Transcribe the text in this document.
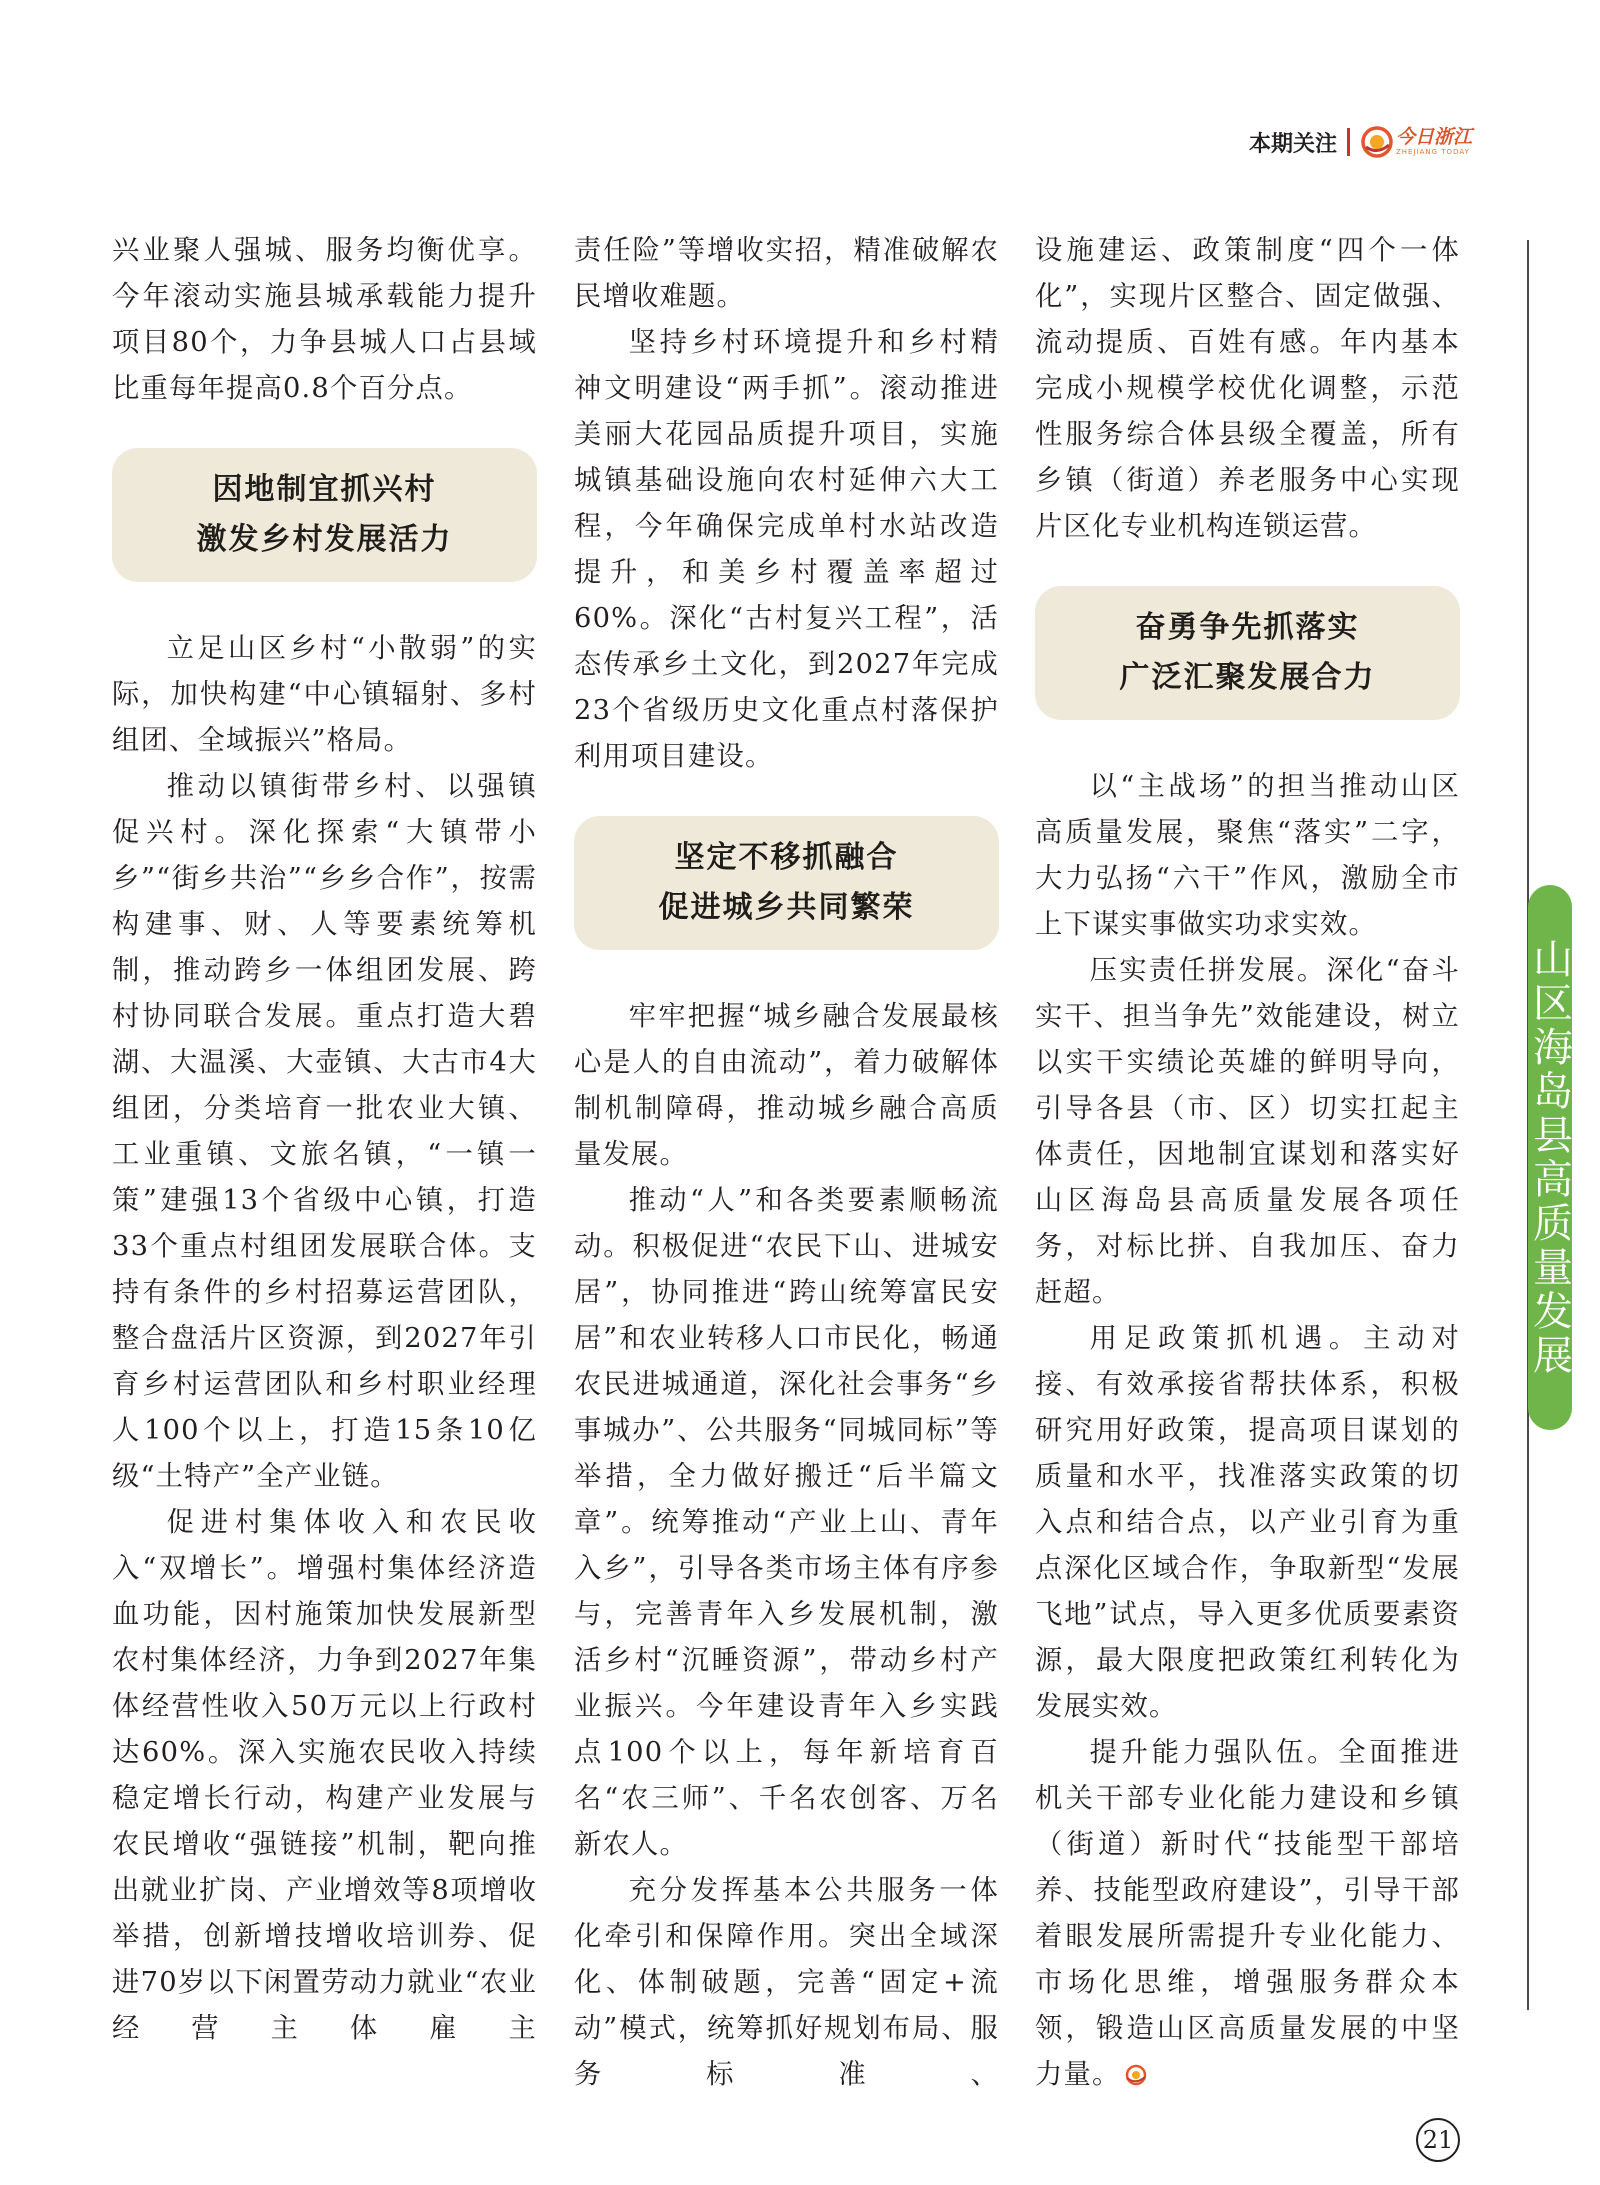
本期关注	今日浙江
ZHEJIANG TODAY

兴业聚人强城、服务均衡优享。今年滚动实施县城承载能力提升项目80个，力争县城人口占县域比重每年提高0.8个百分点。

因地制宜抓兴村
激发乡村发展活力

立足山区乡村“小散弱”的实际，加快构建“中心镇辐射、多村组团、全域振兴”格局。

推动以镇街带乡村、以强镇促兴村。深化探索“大镇带小乡”“街乡共治”“乡乡合作”，按需构建事、财、人等要素统筹机制，推动跨乡一体组团发展、跨村协同联合发展。重点打造大碧湖、大温溪、大壶镇、大古市4大组团，分类培育一批农业大镇、工业重镇、文旅名镇，“一镇一策”建强13个省级中心镇，打造33个重点村组团发展联合体。支持有条件的乡村招募运营团队，整合盘活片区资源，到2027年引育乡村运营团队和乡村职业经理人100个以上，打造15条10亿级“土特产”全产业链。

促进村集体收入和农民收入“双增长”。增强村集体经济造血功能，因村施策加快发展新型农村集体经济，力争到2027年集体经营性收入50万元以上行政村达60%。深入实施农民收入持续稳定增长行动，构建产业发展与农民增收“强链接”机制，靶向推出就业扩岗、产业增效等8项增收举措，创新增技增收培训券、促进70岁以下闲置劳动力就业“农业经营主体雇主

责任险”等增收实招，精准破解农民增收难题。

坚持乡村环境提升和乡村精神文明建设“两手抓”。滚动推进美丽大花园品质提升项目，实施城镇基础设施向农村延伸六大工程，今年确保完成单村水站改造提升，和美乡村覆盖率超过60%。深化“古村复兴工程”，活态传承乡土文化，到2027年完成23个省级历史文化重点村落保护利用项目建设。

坚定不移抓融合
促进城乡共同繁荣

牢牢把握“城乡融合发展最核心是人的自由流动”，着力破解体制机制障碍，推动城乡融合高质量发展。

推动“人”和各类要素顺畅流动。积极促进“农民下山、进城安居”，协同推进“跨山统筹富民安居”和农业转移人口市民化，畅通农民进城通道，深化社会事务“乡事城办”、公共服务“同城同标”等举措，全力做好搬迁“后半篇文章”。统筹推动“产业上山、青年入乡”，引导各类市场主体有序参与，完善青年入乡发展机制，激活乡村“沉睡资源”，带动乡村产业振兴。今年建设青年入乡实践点100个以上，每年新培育百名“农三师”、千名农创客、万名新农人。

充分发挥基本公共服务一体化牵引和保障作用。突出全域深化、体制破题，完善“固定+流动”模式，统筹抓好规划布局、服务标准、

设施建运、政策制度“四个一体化”，实现片区整合、固定做强、流动提质、百姓有感。年内基本完成小规模学校优化调整，示范性服务综合体县级全覆盖，所有乡镇（街道）养老服务中心实现片区化专业机构连锁运营。

奋勇争先抓落实
广泛汇聚发展合力

以“主战场”的担当推动山区高质量发展，聚焦“落实”二字，大力弘扬“六干”作风，激励全市上下谋实事做实功求实效。

压实责任拼发展。深化“奋斗实干、担当争先”效能建设，树立以实干实绩论英雄的鲜明导向，引导各县（市、区）切实扛起主体责任，因地制宜谋划和落实好山区海岛县高质量发展各项任务，对标比拼、自我加压、奋力赶超。

用足政策抓机遇。主动对接、有效承接省帮扶体系，积极研究用好政策，提高项目谋划的质量和水平，找准落实政策的切入点和结合点，以产业引育为重点深化区域合作，争取新型“发展飞地”试点，导入更多优质要素资源，最大限度把政策红利转化为发展实效。

提升能力强队伍。全面推进机关干部专业化能力建设和乡镇（街道）新时代“技能型干部培养、技能型政府建设”，引导干部着眼发展所需提升专业化能力、市场化思维，增强服务群众本领，锻造山区高质量发展的中坚力量。

山区海岛县高质量发展
21
